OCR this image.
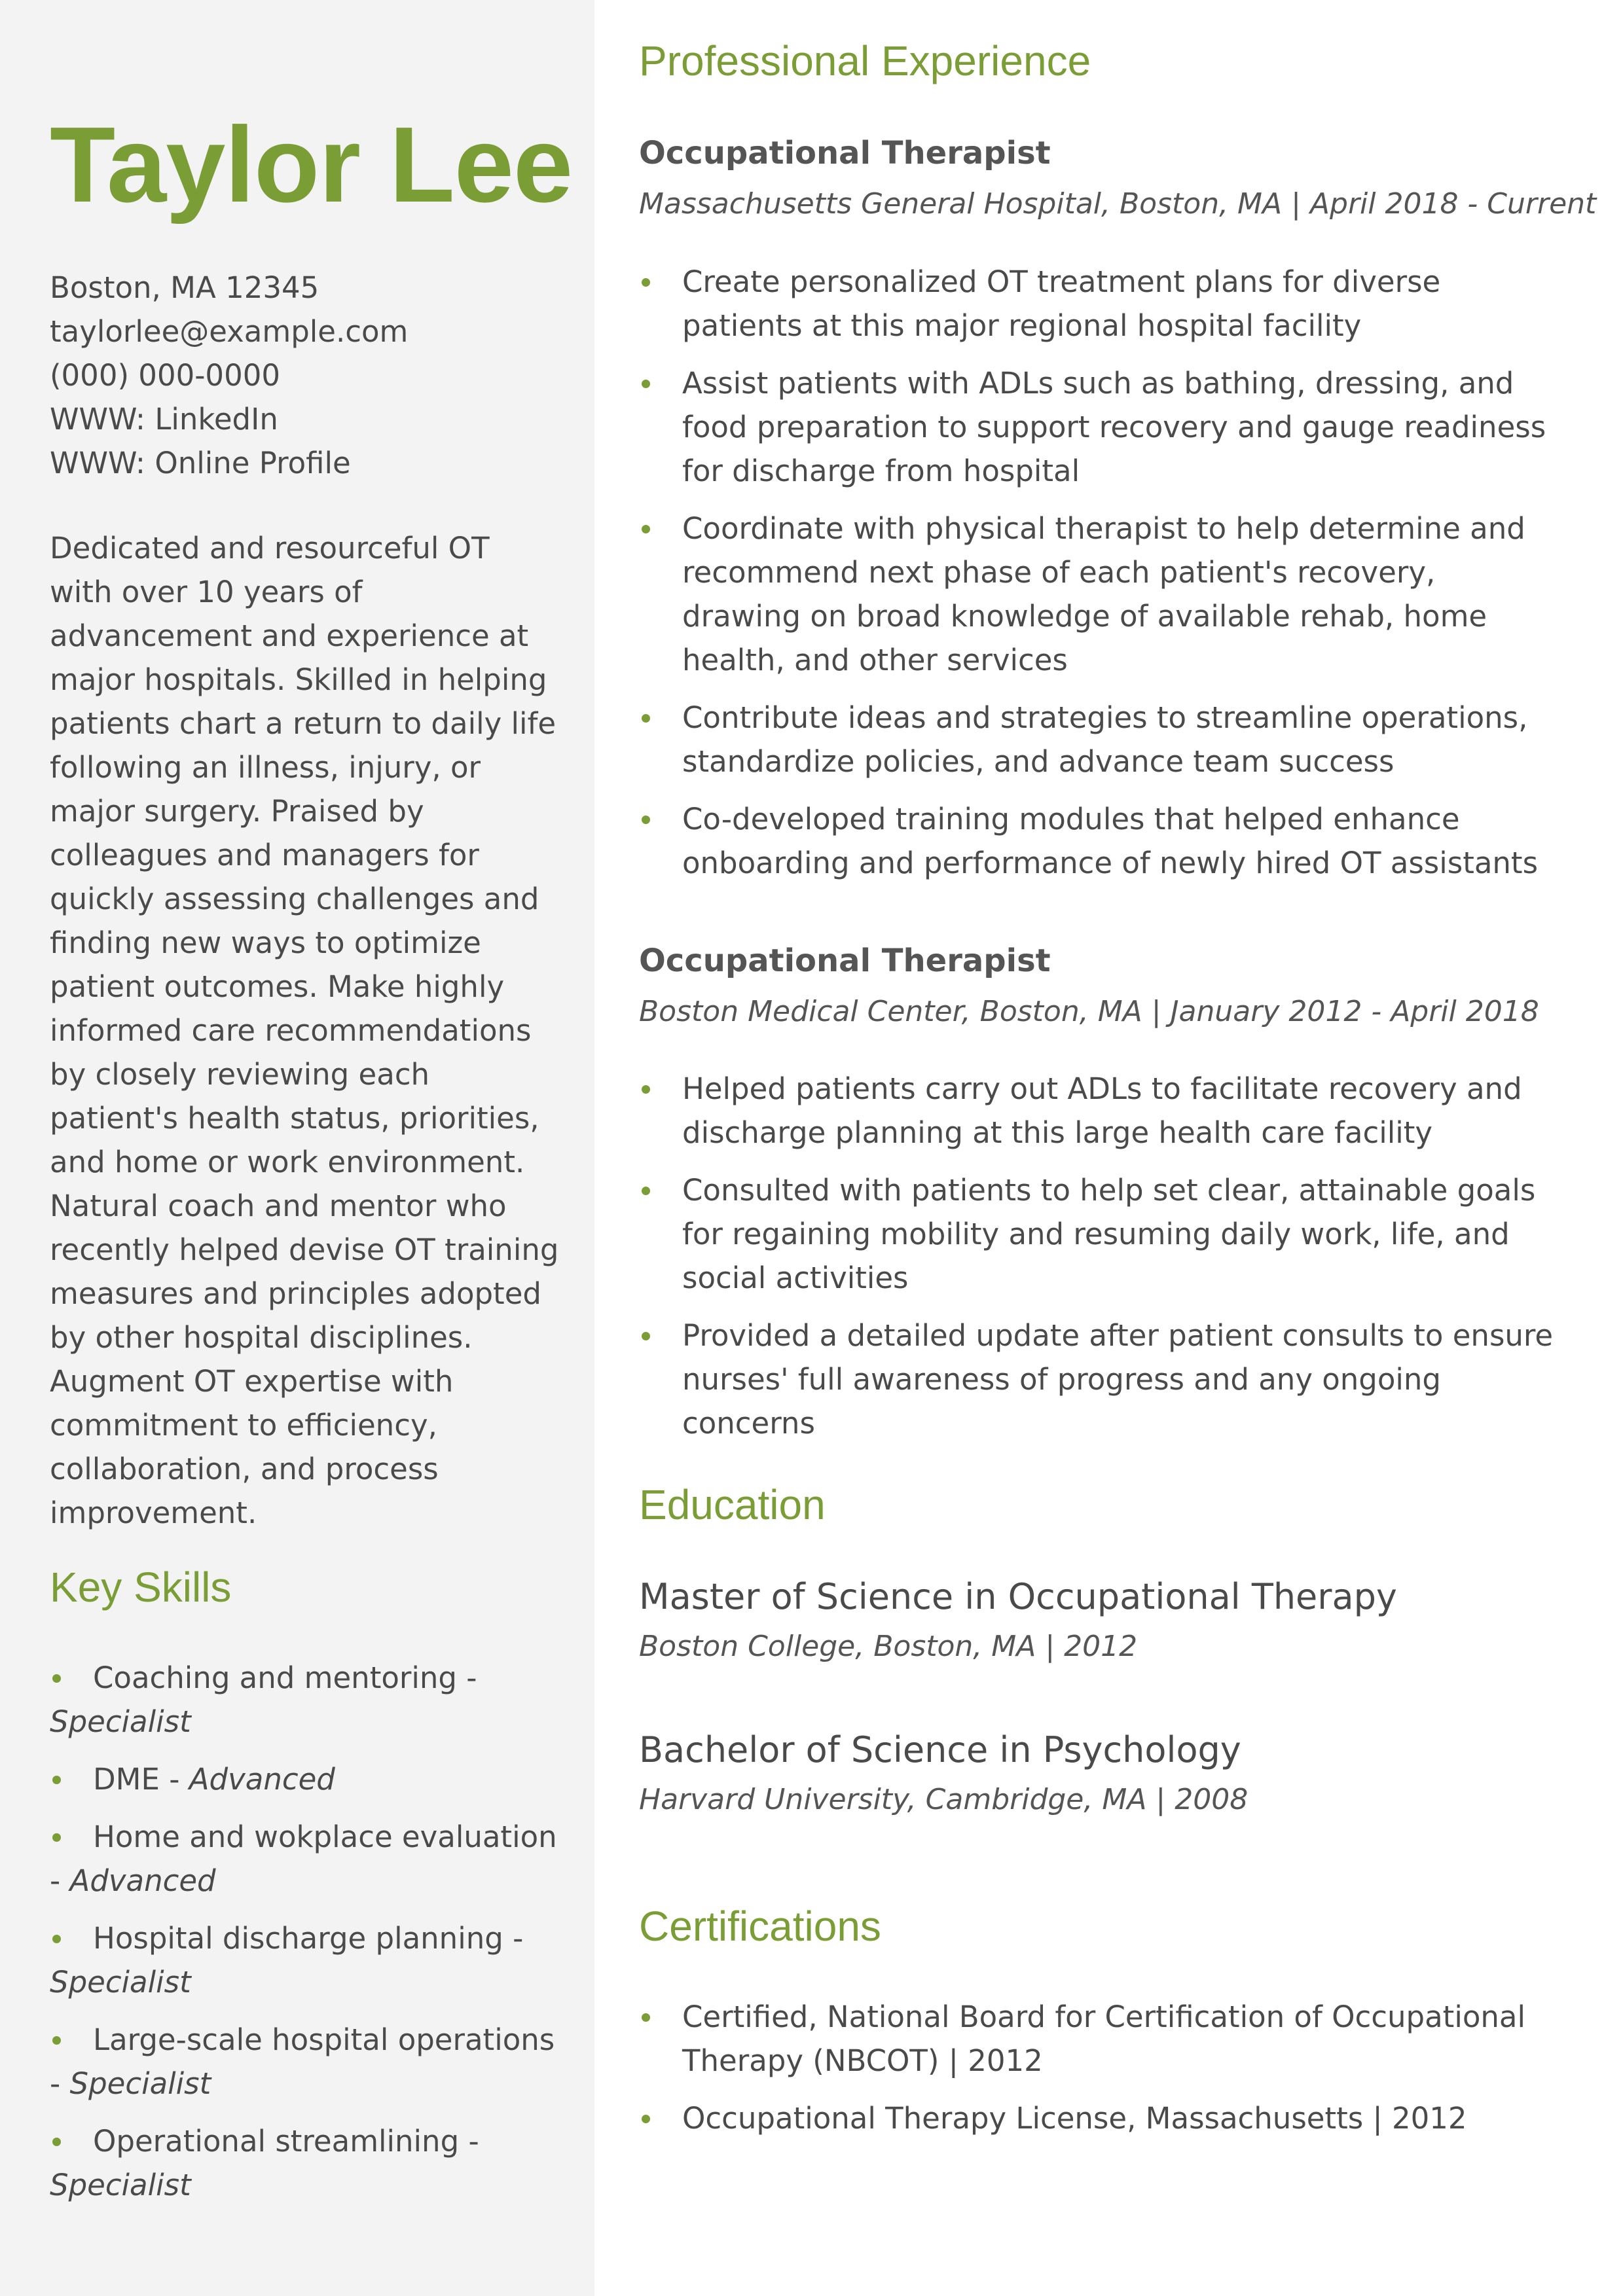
Taylor Lee
Boston, MA 12345
taylorlee@example.com
(000) 000-0000
WWW: LinkedIn
WWW: Online Profile

Dedicated and resourceful OT with over 10 years of advancement and experience at major hospitals. Skilled in helping patients chart a return to daily life following an illness, injury, or major surgery. Praised by colleagues and managers for quickly assessing challenges and finding new ways to optimize patient outcomes. Make highly informed care recommendations by closely reviewing each patient's health status, priorities, and home or work environment. Natural coach and mentor who recently helped devise OT training measures and principles adopted by other hospital disciplines. Augment OT expertise with commitment to efficiency, collaboration, and process improvement.

Key Skills
Coaching and mentoring - Specialist
DME - Advanced
Home and wokplace evaluation - Advanced
Hospital discharge planning - Specialist
Large-scale hospital operations - Specialist
Operational streamlining - Specialist
Professional Experience
Occupational Therapist

Massachusetts General Hospital, Boston, MA | April 2018 - Current

Create personalized OT treatment plans for diverse patients at this major regional hospital facility
Assist patients with ADLs such as bathing, dressing, and food preparation to support recovery and gauge readiness for discharge from hospital
Coordinate with physical therapist to help determine and recommend next phase of each patient's recovery, drawing on broad knowledge of available rehab, home health, and other services
Contribute ideas and strategies to streamline operations, standardize policies, and advance team success
Co-developed training modules that helped enhance onboarding and performance of newly hired OT assistants
Occupational Therapist

Boston Medical Center, Boston, MA | January 2012 - April 2018

Helped patients carry out ADLs to facilitate recovery and discharge planning at this large health care facility
Consulted with patients to help set clear, attainable goals for regaining mobility and resuming daily work, life, and social activities
Provided a detailed update after patient consults to ensure nurses' full awareness of progress and any ongoing concerns
Education
Master of Science in Occupational Therapy

Boston College, Boston, MA | 2012

Bachelor of Science in Psychology

Harvard University, Cambridge, MA | 2008

Certifications
Certified, National Board for Certification of Occupational Therapy (NBCOT) | 2012
Occupational Therapy License, Massachusetts | 2012
